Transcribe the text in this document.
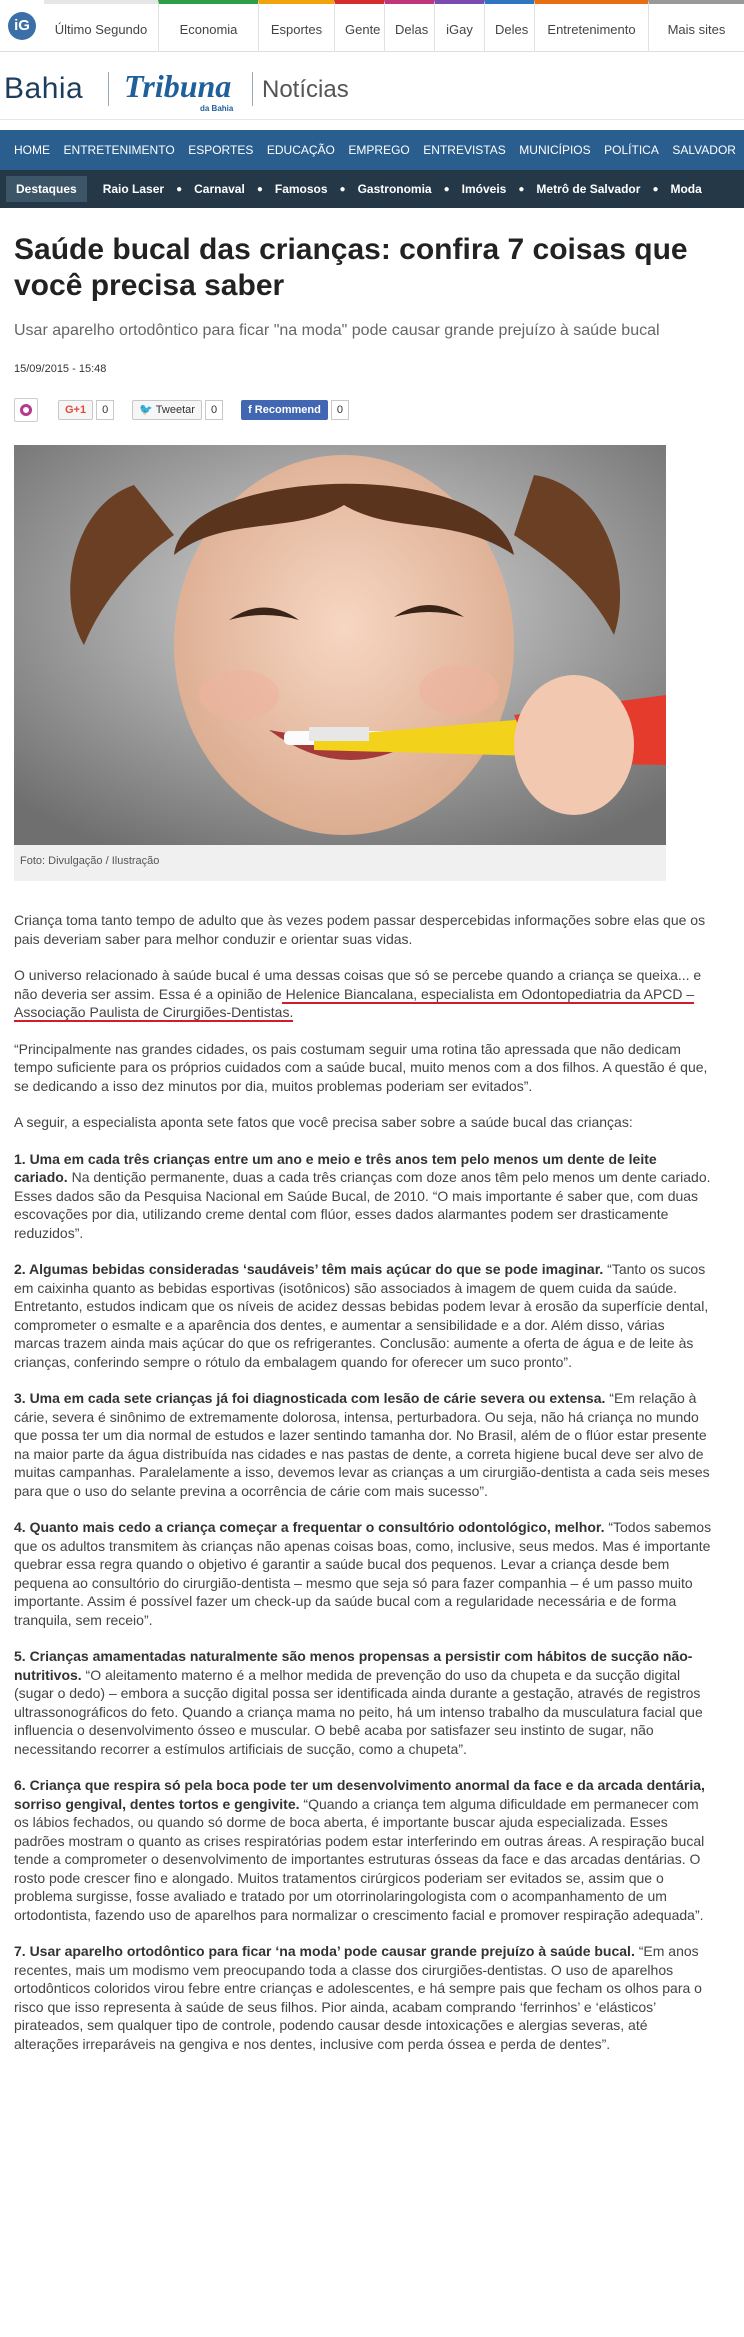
iG	Último Segundo	Economia	Esportes	Gente	Delas	iGay	Deles	Entretenimento	Mais sites
Bahia Tribuna
da Bahia
Notícias
HOME ENTRETENIMENTO ESPORTES EDUCAÇÃO EMPREGO ENTREVISTAS MUNICÍPIOS POLÍTICA SALVADOR
Destaques	Raio Laser ● Carnaval ● Famosos ● Gastronomia ● Imóveis ● Metrô de Salvador ● Moda
Saúde bucal das crianças: confira 7 coisas que você precisa saber
Usar aparelho ortodôntico para ficar "na moda" pode causar grande prejuízo à saúde bucal
15/09/2015 - 15:48
G+1	0	🐦 Tweetar	0	f Recommend	0
Foto: Divulgação / Ilustração

Criança toma tanto tempo de adulto que às vezes podem passar despercebidas informações sobre elas que os pais deveriam saber para melhor conduzir e orientar suas vidas.

O universo relacionado à saúde bucal é uma dessas coisas que só se percebe quando a criança se queixa... e não deveria ser assim. Essa é a opinião de Helenice Biancalana, especialista em Odontopediatria da APCD –Associação Paulista de Cirurgiões-Dentistas.

“Principalmente nas grandes cidades, os pais costumam seguir uma rotina tão apressada que não dedicam tempo suficiente para os próprios cuidados com a saúde bucal, muito menos com a dos filhos. A questão é que, se dedicando a isso dez minutos por dia, muitos problemas poderiam ser evitados”.

A seguir, a especialista aponta sete fatos que você precisa saber sobre a saúde bucal das crianças:

1. Uma em cada três crianças entre um ano e meio e três anos tem pelo menos um dente de leite cariado. Na dentição permanente, duas a cada três crianças com doze anos têm pelo menos um dente cariado. Esses dados são da Pesquisa Nacional em Saúde Bucal, de 2010. “O mais importante é saber que, com duas escovações por dia, utilizando creme dental com flúor, esses dados alarmantes podem ser drasticamente reduzidos”.

2. Algumas bebidas consideradas ‘saudáveis’ têm mais açúcar do que se pode imaginar. “Tanto os sucos em caixinha quanto as bebidas esportivas (isotônicos) são associados à imagem de quem cuida da saúde. Entretanto, estudos indicam que os níveis de acidez dessas bebidas podem levar à erosão da superfície dental, comprometer o esmalte e a aparência dos dentes, e aumentar a sensibilidade e a dor. Além disso, várias marcas trazem ainda mais açúcar do que os refrigerantes. Conclusão: aumente a oferta de água e de leite às crianças, conferindo sempre o rótulo da embalagem quando for oferecer um suco pronto”.

3. Uma em cada sete crianças já foi diagnosticada com lesão de cárie severa ou extensa. “Em relação à cárie, severa é sinônimo de extremamente dolorosa, intensa, perturbadora. Ou seja, não há criança no mundo que possa ter um dia normal de estudos e lazer sentindo tamanha dor. No Brasil, além de o flúor estar presente na maior parte da água distribuída nas cidades e nas pastas de dente, a correta higiene bucal deve ser alvo de muitas campanhas. Paralelamente a isso, devemos levar as crianças a um cirurgião-dentista a cada seis meses para que o uso do selante previna a ocorrência de cárie com mais sucesso”.

4. Quanto mais cedo a criança começar a frequentar o consultório odontológico, melhor. “Todos sabemos que os adultos transmitem às crianças não apenas coisas boas, como, inclusive, seus medos. Mas é importante quebrar essa regra quando o objetivo é garantir a saúde bucal dos pequenos. Levar a criança desde bem pequena ao consultório do cirurgião-dentista – mesmo que seja só para fazer companhia – é um passo muito importante. Assim é possível fazer um check-up da saúde bucal com a regularidade necessária e de forma tranquila, sem receio”.

5. Crianças amamentadas naturalmente são menos propensas a persistir com hábitos de sucção não-nutritivos. “O aleitamento materno é a melhor medida de prevenção do uso da chupeta e da sucção digital (sugar o dedo) – embora a sucção digital possa ser identificada ainda durante a gestação, através de registros ultrassonográficos do feto. Quando a criança mama no peito, há um intenso trabalho da musculatura facial que influencia o desenvolvimento ósseo e muscular. O bebê acaba por satisfazer seu instinto de sugar, não necessitando recorrer a estímulos artificiais de sucção, como a chupeta”.

6. Criança que respira só pela boca pode ter um desenvolvimento anormal da face e da arcada dentária, sorriso gengival, dentes tortos e gengivite. “Quando a criança tem alguma dificuldade em permanecer com os lábios fechados, ou quando só dorme de boca aberta, é importante buscar ajuda especializada. Esses padrões mostram o quanto as crises respiratórias podem estar interferindo em outras áreas. A respiração bucal tende a comprometer o desenvolvimento de importantes estruturas ósseas da face e das arcadas dentárias. O rosto pode crescer fino e alongado. Muitos tratamentos cirúrgicos poderiam ser evitados se, assim que o problema surgisse, fosse avaliado e tratado por um otorrinolaringologista com o acompanhamento de um ortodontista, fazendo uso de aparelhos para normalizar o crescimento facial e promover respiração adequada”.

7. Usar aparelho ortodôntico para ficar ‘na moda’ pode causar grande prejuízo à saúde bucal. “Em anos recentes, mais um modismo vem preocupando toda a classe dos cirurgiões-dentistas. O uso de aparelhos ortodônticos coloridos virou febre entre crianças e adolescentes, e há sempre pais que fecham os olhos para o risco que isso representa à saúde de seus filhos. Pior ainda, acabam comprando ‘ferrinhos’ e ‘elásticos’ pirateados, sem qualquer tipo de controle, podendo causar desde intoxicações e alergias severas, até alterações irreparáveis na gengiva e nos dentes, inclusive com perda óssea e perda de dentes”.
